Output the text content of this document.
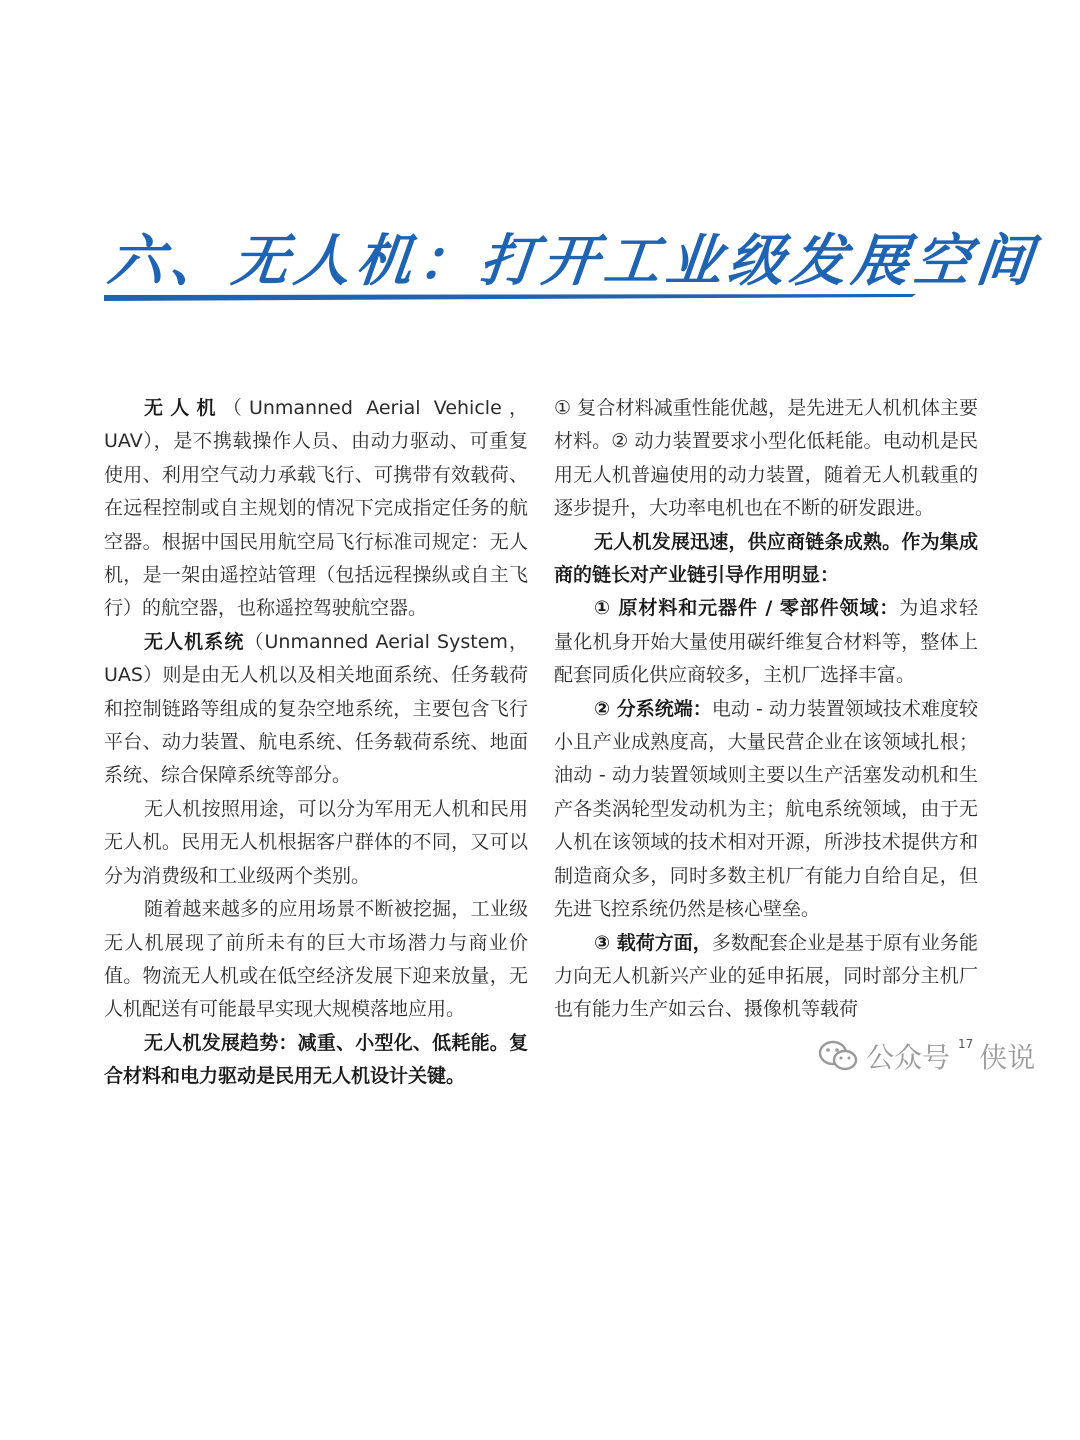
六、无人机：打开工业级发展空间

无人机（Unmanned Aerial Vehicle，UAV），是不携载操作人员、由动力驱动、可重复使用、利用空气动力承载飞行、可携带有效载荷、在远程控制或自主规划的情况下完成指定任务的航空器。根据中国民用航空局飞行标准司规定：无人机，是一架由遥控站管理（包括远程操纵或自主飞行）的航空器，也称遥控驾驶航空器。

无人机系统（Unmanned Aerial System，UAS）则是由无人机以及相关地面系统、任务载荷和控制链路等组成的复杂空地系统，主要包含飞行平台、动力装置、航电系统、任务载荷系统、地面系统、综合保障系统等部分。

无人机按照用途，可以分为军用无人机和民用无人机。民用无人机根据客户群体的不同，又可以分为消费级和工业级两个类别。

随着越来越多的应用场景不断被挖掘，工业级无人机展现了前所未有的巨大市场潜力与商业价值。物流无人机或在低空经济发展下迎来放量，无人机配送有可能最早实现大规模落地应用。

无人机发展趋势：减重、小型化、低耗能。复合材料和电力驱动是民用无人机设计关键。

① 复合材料减重性能优越，是先进无人机机体主要材料。② 动力装置要求小型化低耗能。电动机是民用无人机普遍使用的动力装置，随着无人机载重的逐步提升，大功率电机也在不断的研发跟进。

无人机发展迅速，供应商链条成熟。作为集成商的链长对产业链引导作用明显：

① 原材料和元器件 / 零部件领域：为追求轻量化机身开始大量使用碳纤维复合材料等，整体上配套同质化供应商较多，主机厂选择丰富。

② 分系统端：电动 - 动力装置领域技术难度较小且产业成熟度高，大量民营企业在该领域扎根；油动 - 动力装置领域则主要以生产活塞发动机和生产各类涡轮型发动机为主；航电系统领域，由于无人机在该领域的技术相对开源，所涉技术提供方和制造商众多，同时多数主机厂有能力自给自足，但先进飞控系统仍然是核心壁垒。

③ 载荷方面，多数配套企业是基于原有业务能力向无人机新兴产业的延申拓展，同时部分主机厂也有能力生产如云台、摄像机等载荷

公众号 17 侠说
